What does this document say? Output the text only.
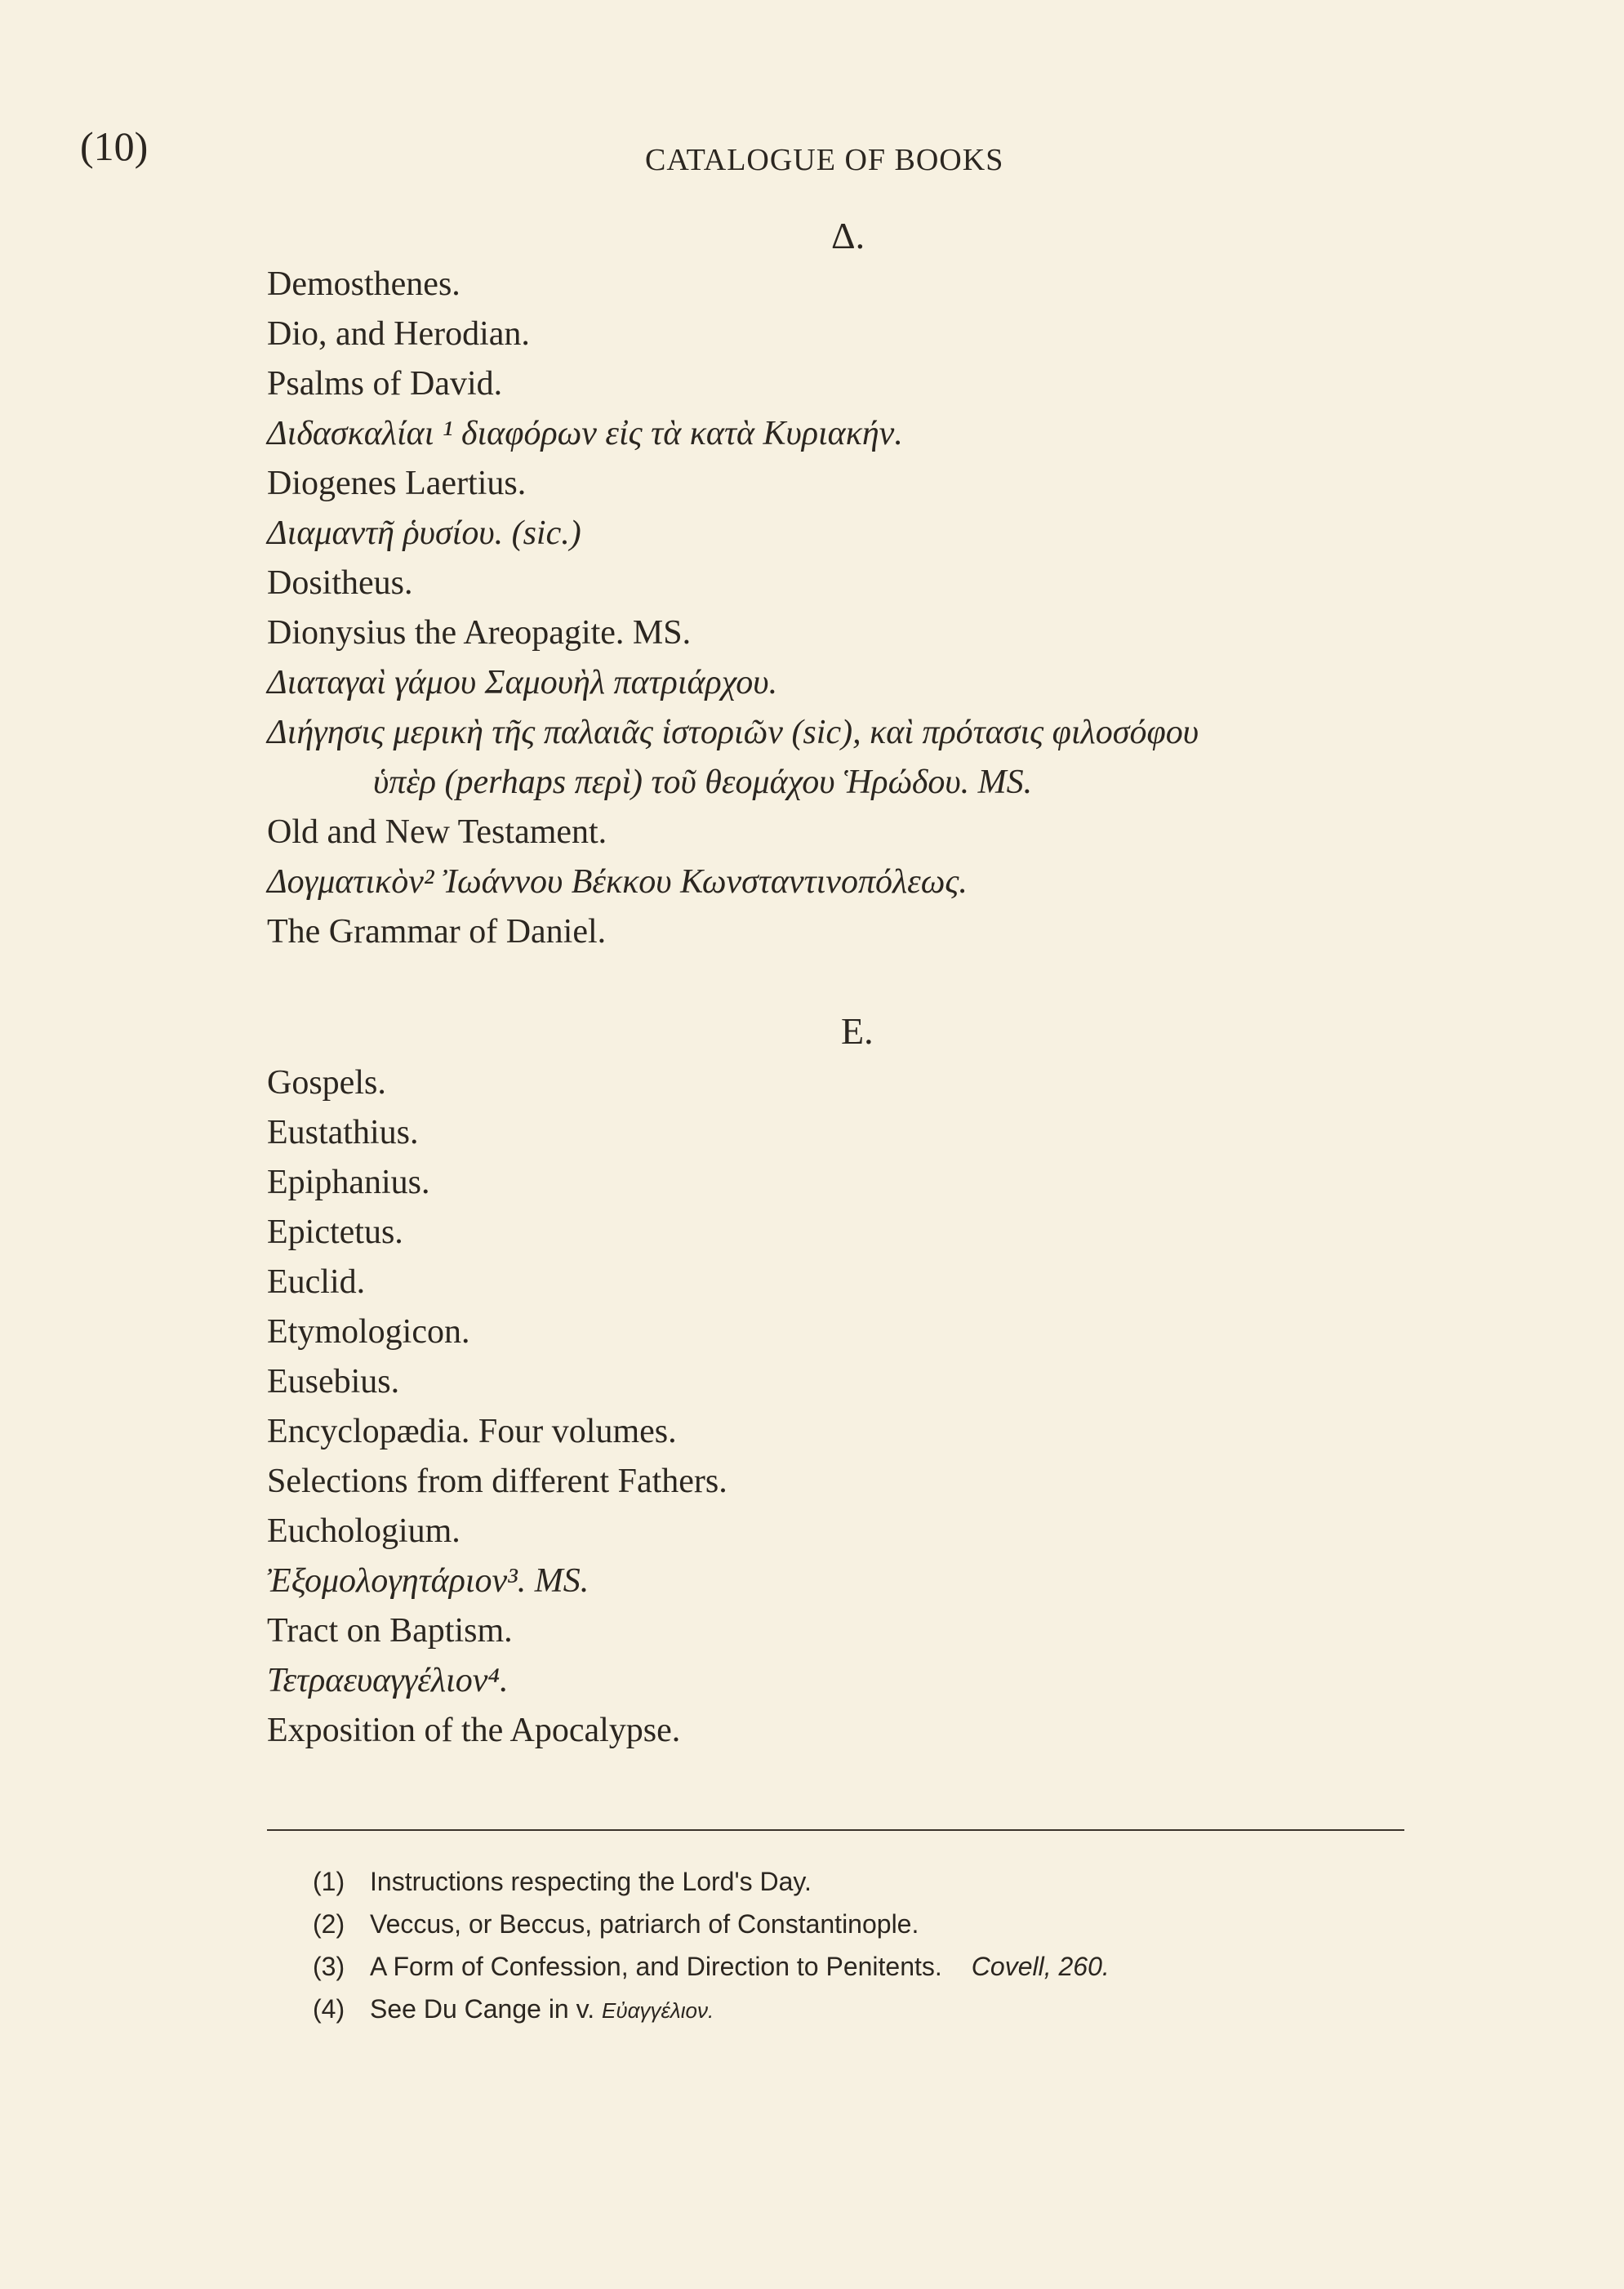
(10)	CATALOGUE OF BOOKS
Δ.
Demosthenes.
Dio, and Herodian.
Psalms of David.
Διδασκαλίαι ¹ διαφόρων εἰς τὰ κατὰ Κυριακήν.
Diogenes Laertius.
Διαμαντῆ ῥυσίου. (sic.)
Dositheus.
Dionysius the Areopagite. MS.
Διαταγαὶ γάμου Σαμουὴλ πατριάρχου.
Διήγησις μερικὴ τῆς παλαιᾶς ἱστοριῶν (sic), καὶ πρότασις φιλοσόφου
ὑπὲρ (perhaps περὶ) τοῦ θεομάχου Ἡρώδου. MS.
Old and New Testament.
Δογματικὸν² Ἰωάννου Βέκκου Κωνσταντινοπόλεως.
The Grammar of Daniel.
E.
Gospels.
Eustathius.
Epiphanius.
Epictetus.
Euclid.
Etymologicon.
Eusebius.
Encyclopædia. Four volumes.
Selections from different Fathers.
Euchologium.
Ἐξομολογητάριον³. MS.
Tract on Baptism.
Τετραευαγγέλιον⁴.
Exposition of the Apocalypse.
(1) Instructions respecting the Lord's Day.
(2) Veccus, or Beccus, patriarch of Constantinople.
(3) A Form of Confession, and Direction to Penitents. Covell, 260.
(4) See Du Cange in v. Εὐαγγέλιον.
